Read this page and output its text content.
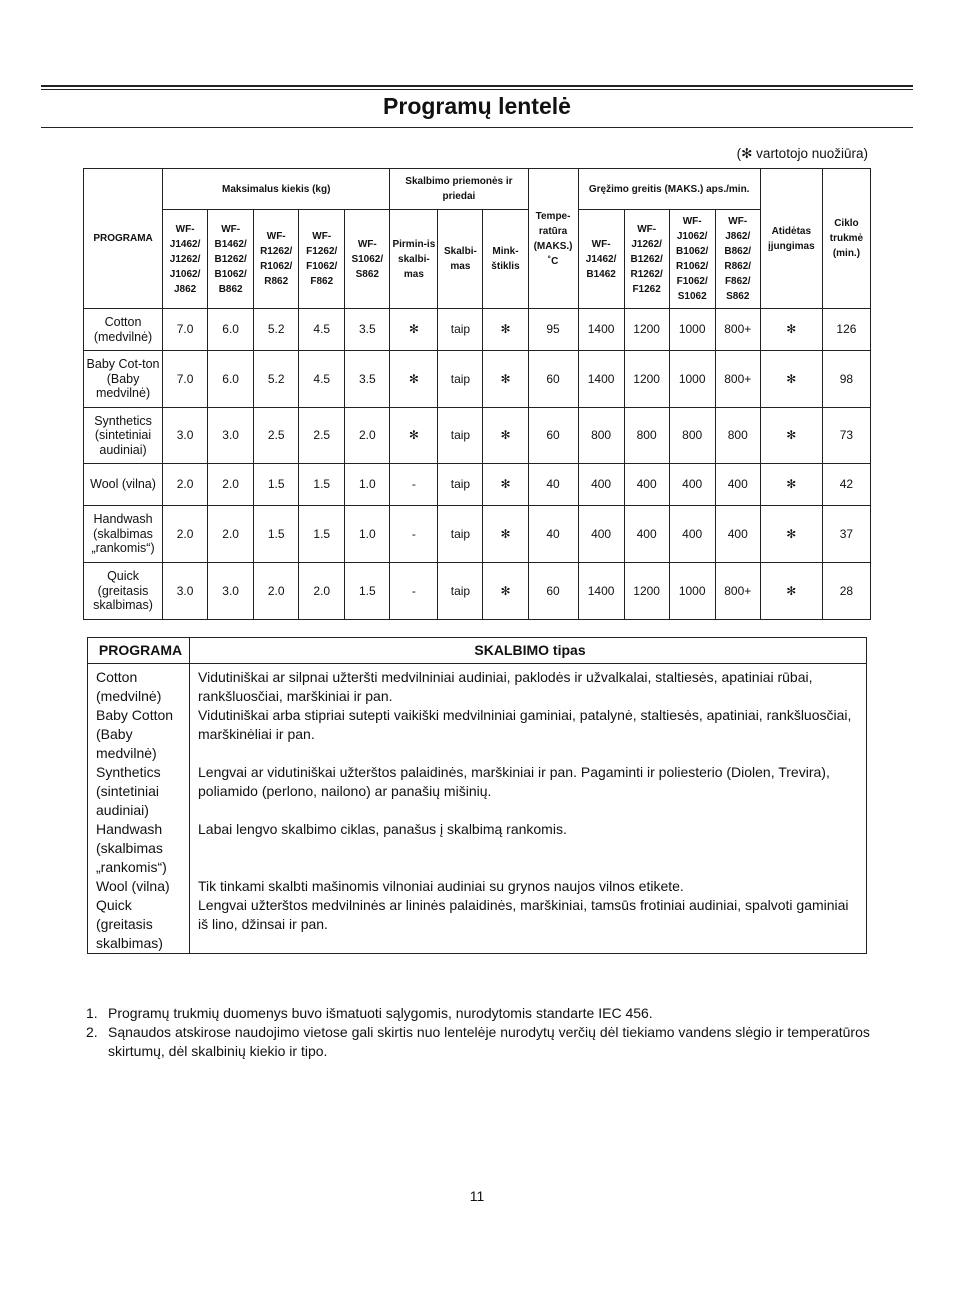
Programų lentelė
(✻ vartotojo nuožiūra)
PROGRAMA	Maksimalus kiekis (kg)					Skalbimo priemonės ir priedai			Tempe-ratūra (MAKS.) ˚C	Gręžimo greitis (MAKS.) aps./min.				Atidėtas įjungimas	Ciklo trukmė (min.)
	WF-J1462/ J1262/ J1062/ J862	WF-B1462/ B1262/ B1062/ B862	WF-R1262/ R1062/ R862	WF-F1262/ F1062/ F862	WF-S1062/ S862	Pirmin-is skalbi-mas	Skalbi-mas	Mink-štiklis		WF-J1462/ B1462	WF-J1262/ B1262/ R1262/ F1262	WF-J1062/ B1062/ R1062/ F1062/ S1062	WF-J862/ B862/ R862/ F862/ S862		
Cotton (medvilnė)	7.0	6.0	5.2	4.5	3.5	✻	taip	✻	95	1400	1200	1000	800+	✻	126
Baby Cot-ton (Baby medvilnė)	7.0	6.0	5.2	4.5	3.5	✻	taip	✻	60	1400	1200	1000	800+	✻	98
Synthetics (sintetiniai audiniai)	3.0	3.0	2.5	2.5	2.0	✻	taip	✻	60	800	800	800	800	✻	73
Wool (vilna)	2.0	2.0	1.5	1.5	1.0	-	taip	✻	40	400	400	400	400	✻	42
Handwash (skalbimas „rankomis“)	2.0	2.0	1.5	1.5	1.0	-	taip	✻	40	400	400	400	400	✻	37
Quick (greitasis skalbimas)	3.0	3.0	2.0	2.0	1.5	-	taip	✻	60	1400	1200	1000	800+	✻	28
PROGRAMA	SKALBIMO tipas
Cotton (medvilnė)	Vidutiniškai ar silpnai užteršti medvilniniai audiniai, paklodės ir užvalkalai, staltiesės, apatiniai rūbai, rankšluosčiai, marškiniai ir pan.
Baby Cotton (Baby medvilnė)	Vidutiniškai arba stipriai sutepti vaikiški medvilniniai gaminiai, patalynė, staltiesės, apatiniai, rankšluosčiai, marškinėliai ir pan.
Synthetics (sintetiniai audiniai)	Lengvai ar vidutiniškai užterštos palaidinės, marškiniai ir pan. Pagaminti ir poliesterio (Diolen, Trevira), poliamido (perlono, nailono) ar panašių mišinių.
Handwash (skalbimas „rankomis“)	Labai lengvo skalbimo ciklas, panašus į skalbimą rankomis.
Wool (vilna)	Tik tinkami skalbti mašinomis vilnoniai audiniai su grynos naujos vilnos etikete.
Quick (greitasis skalbimas)	Lengvai užterštos medvilninės ar lininės palaidinės, marškiniai, tamsūs frotiniai audiniai, spalvoti gaminiai iš lino, džinsai ir pan.
1. Programų trukmių duomenys buvo išmatuoti sąlygomis, nurodytomis standarte IEC 456.
2. Sąnaudos atskirose naudojimo vietose gali skirtis nuo lentelėje nurodytų verčių dėl tiekiamo vandens slėgio ir temperatūros skirtumų, dėl skalbinių kiekio ir tipo.
11
